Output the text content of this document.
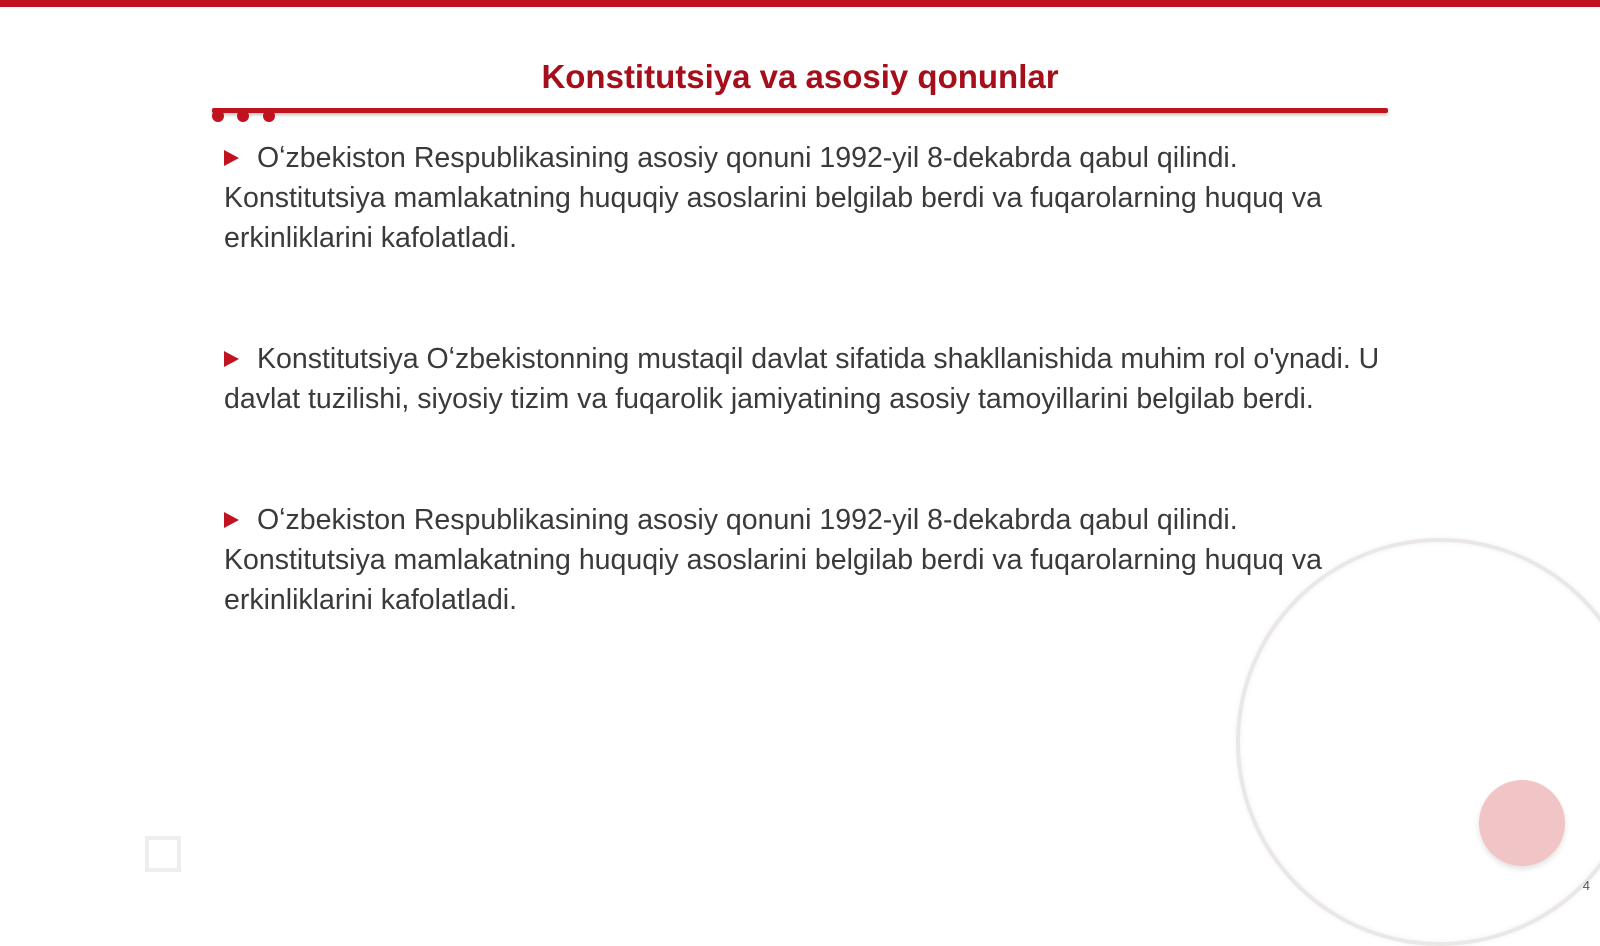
Konstitutsiya va asosiy qonunlar

Oʻzbekiston Respublikasining asosiy qonuni 1992-yil 8-dekabrda qabul qilindi. Konstitutsiya mamlakatning huquqiy asoslarini belgilab berdi va fuqarolarning huquq va erkinliklarini kafolatladi.

Konstitutsiya Oʻzbekistonning mustaqil davlat sifatida shakllanishida muhim rol o'ynadi. U davlat tuzilishi, siyosiy tizim va fuqarolik jamiyatining asosiy tamoyillarini belgilab berdi.

Oʻzbekiston Respublikasining asosiy qonuni 1992-yil 8-dekabrda qabul qilindi. Konstitutsiya mamlakatning huquqiy asoslarini belgilab berdi va fuqarolarning huquq va erkinliklarini kafolatladi.

4
